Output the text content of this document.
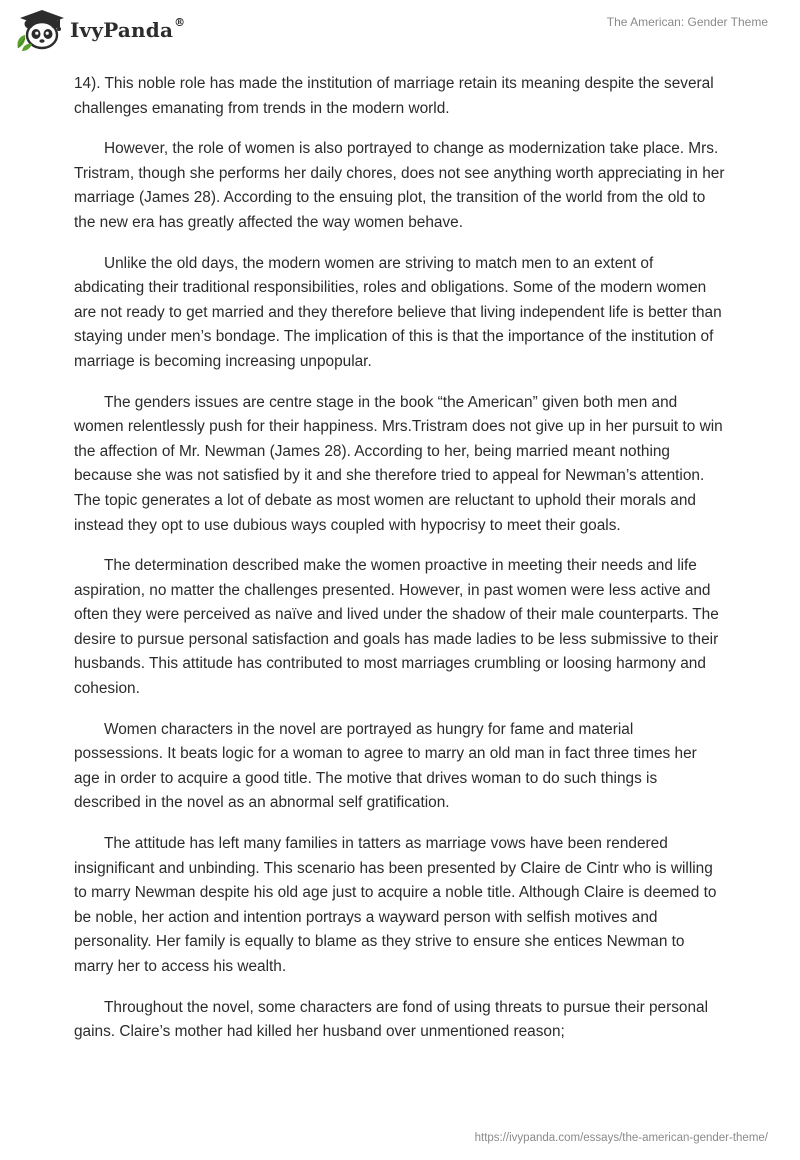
IvyPanda®	The American: Gender Theme

14). This noble role has made the institution of marriage retain its meaning despite the several challenges emanating from trends in the modern world.

However, the role of women is also portrayed to change as modernization take place. Mrs. Tristram, though she performs her daily chores, does not see anything worth appreciating in her marriage (James 28). According to the ensuing plot, the transition of the world from the old to the new era has greatly affected the way women behave.

Unlike the old days, the modern women are striving to match men to an extent of abdicating their traditional responsibilities, roles and obligations. Some of the modern women are not ready to get married and they therefore believe that living independent life is better than staying under men’s bondage. The implication of this is that the importance of the institution of marriage is becoming increasing unpopular.

The genders issues are centre stage in the book “the American” given both men and women relentlessly push for their happiness. Mrs.Tristram does not give up in her pursuit to win the affection of Mr. Newman (James 28). According to her, being married meant nothing because she was not satisfied by it and she therefore tried to appeal for Newman’s attention. The topic generates a lot of debate as most women are reluctant to uphold their morals and instead they opt to use dubious ways coupled with hypocrisy to meet their goals.

The determination described make the women proactive in meeting their needs and life aspiration, no matter the challenges presented. However, in past women were less active and often they were perceived as naïve and lived under the shadow of their male counterparts. The desire to pursue personal satisfaction and goals has made ladies to be less submissive to their husbands. This attitude has contributed to most marriages crumbling or loosing harmony and cohesion.

Women characters in the novel are portrayed as hungry for fame and material possessions. It beats logic for a woman to agree to marry an old man in fact three times her age in order to acquire a good title. The motive that drives woman to do such things is described in the novel as an abnormal self gratification.

The attitude has left many families in tatters as marriage vows have been rendered insignificant and unbinding. This scenario has been presented by Claire de Cintr who is willing to marry Newman despite his old age just to acquire a noble title. Although Claire is deemed to be noble, her action and intention portrays a wayward person with selfish motives and personality. Her family is equally to blame as they strive to ensure she entices Newman to marry her to access his wealth.

Throughout the novel, some characters are fond of using threats to pursue their personal gains. Claire’s mother had killed her husband over unmentioned reason;

https://ivypanda.com/essays/the-american-gender-theme/
